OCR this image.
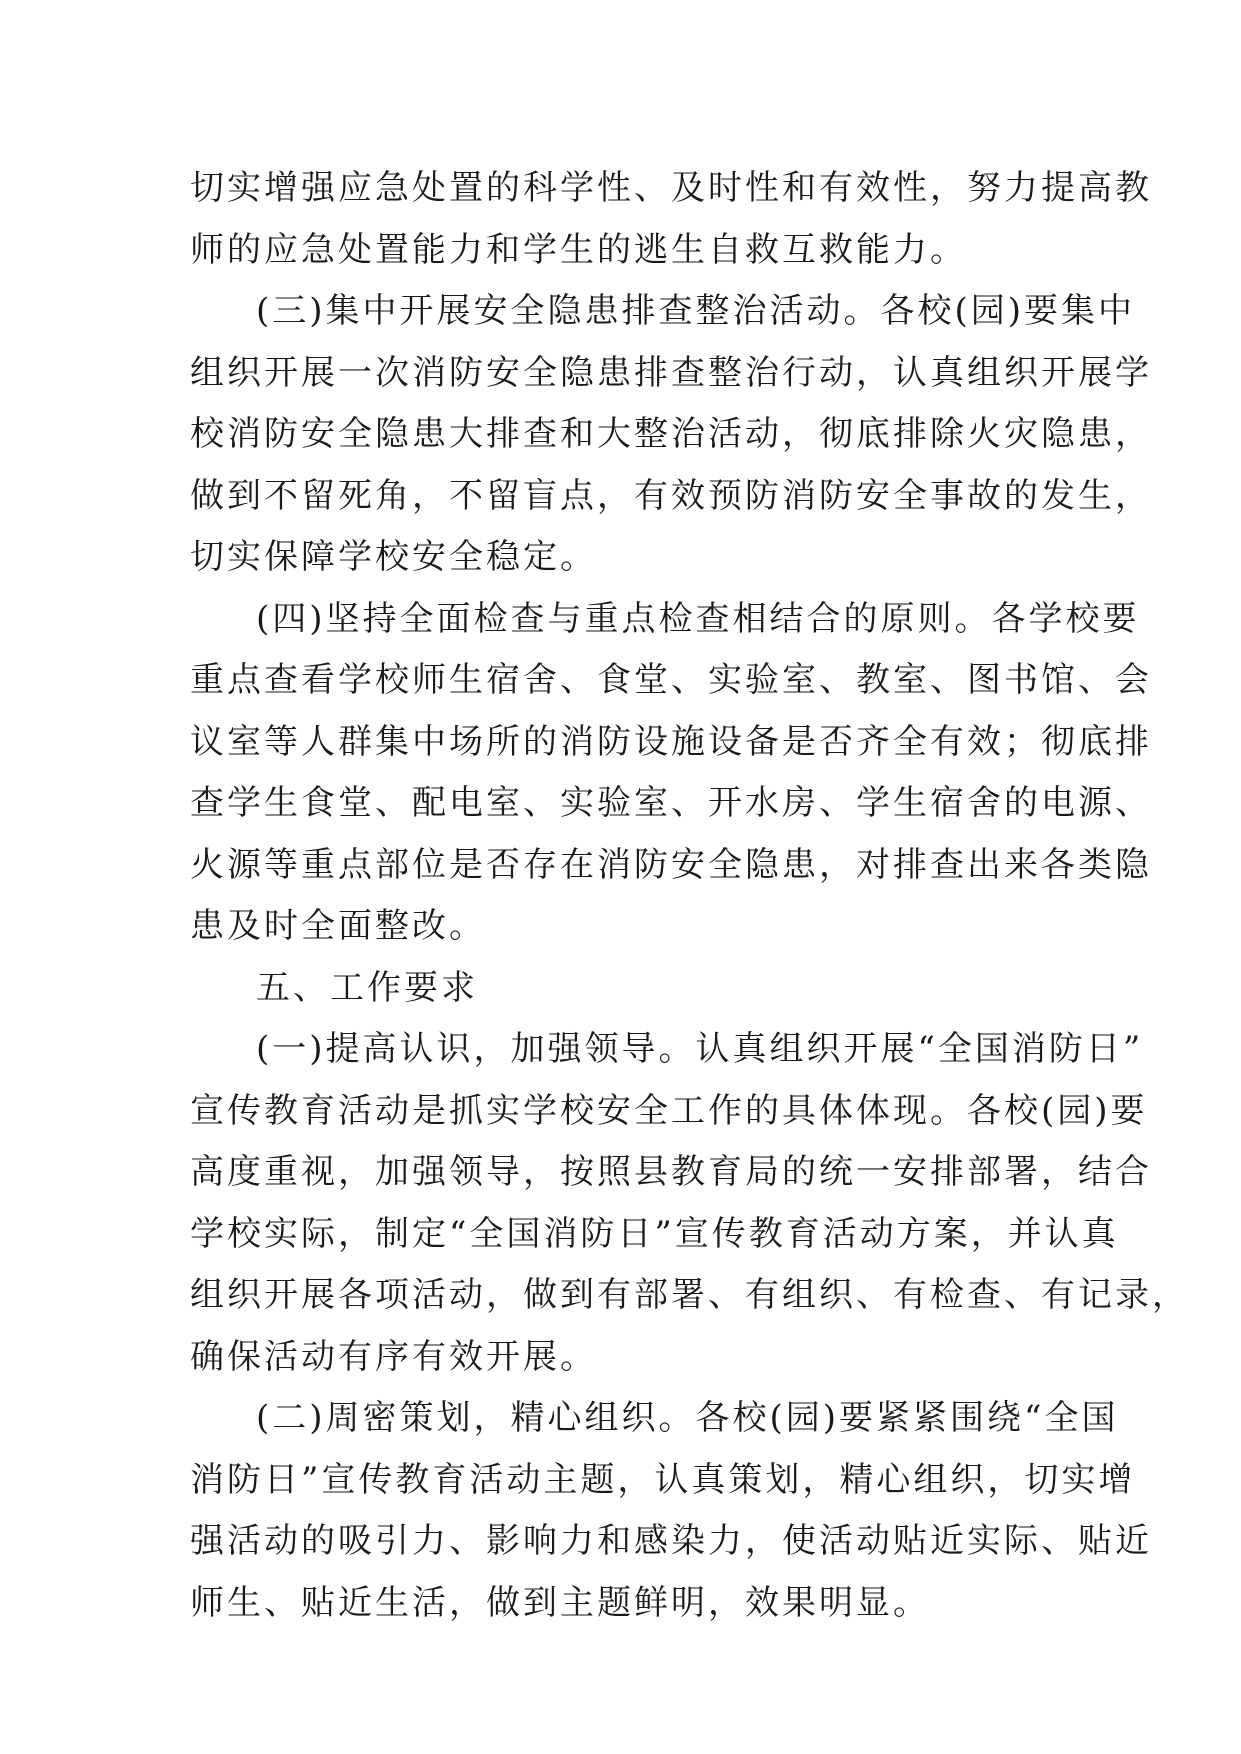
切实增强应急处置的科学性、及时性和有效性，努力提高教
师的应急处置能力和学生的逃生自救互救能力。
(三)集中开展安全隐患排查整治活动。各校(园)要集中
组织开展一次消防安全隐患排查整治行动，认真组织开展学
校消防安全隐患大排查和大整治活动，彻底排除火灾隐患，
做到不留死角，不留盲点，有效预防消防安全事故的发生，
切实保障学校安全稳定。
(四)坚持全面检查与重点检查相结合的原则。各学校要
重点查看学校师生宿舍、食堂、实验室、教室、图书馆、会
议室等人群集中场所的消防设施设备是否齐全有效；彻底排
查学生食堂、配电室、实验室、开水房、学生宿舍的电源、
火源等重点部位是否存在消防安全隐患，对排查出来各类隐
患及时全面整改。
五、工作要求
(一)提高认识，加强领导。认真组织开展“全国消防日”
宣传教育活动是抓实学校安全工作的具体体现。各校(园)要
高度重视，加强领导，按照县教育局的统一安排部署，结合
学校实际，制定“全国消防日”宣传教育活动方案，并认真
组织开展各项活动，做到有部署、有组织、有检查、有记录，
确保活动有序有效开展。
(二)周密策划，精心组织。各校(园)要紧紧围绕“全国
消防日”宣传教育活动主题，认真策划，精心组织，切实增
强活动的吸引力、影响力和感染力，使活动贴近实际、贴近
师生、贴近生活，做到主题鲜明，效果明显。
